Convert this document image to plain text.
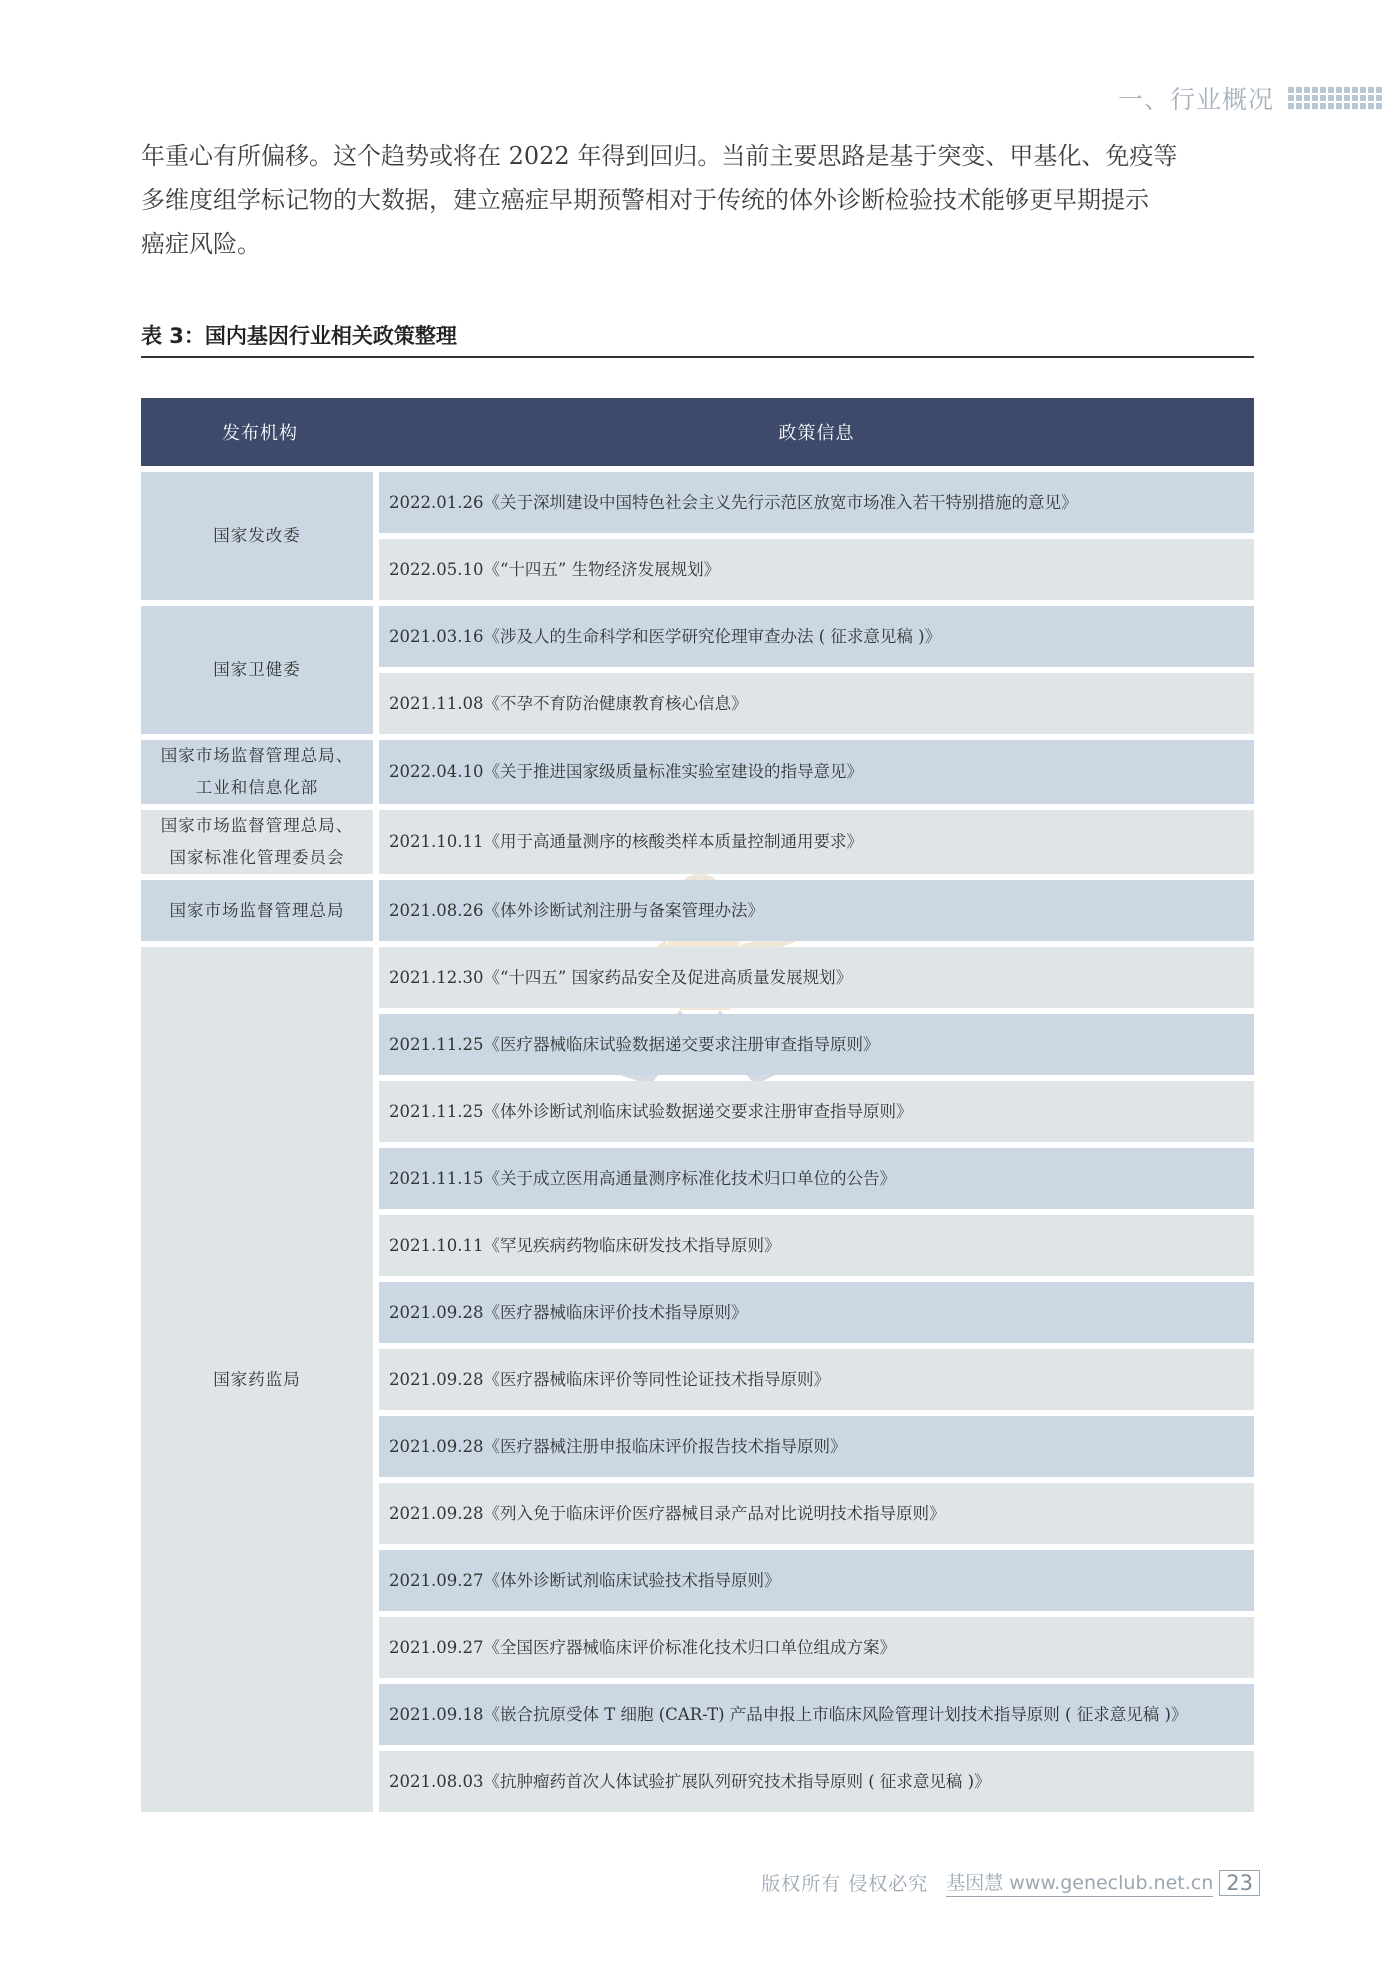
一、行业概况

年重心有所偏移。这个趋势或将在 2022 年得到回归。当前主要思路是基于突变、甲基化、免疫等

多维度组学标记物的大数据，建立癌症早期预警相对于传统的体外诊断检验技术能够更早期提示

癌症风险。

表 3：国内基因行业相关政策整理
发布机构	政策信息
国家发改委	2022.01.26《关于深圳建设中国特色社会主义先行示范区放宽市场准入若干特别措施的意见》
	2022.05.10《“十四五” 生物经济发展规划》
国家卫健委	2021.03.16《涉及人的生命科学和医学研究伦理审查办法 ( 征求意见稿 )》
	2021.11.08《不孕不育防治健康教育核心信息》

国家市场监督管理总局、
工业和信息化部	2022.04.10《关于推进国家级质量标准实验室建设的指导意见》

国家市场监督管理总局、
国家标准化管理委员会	2021.10.11《用于高通量测序的核酸类样本质量控制通用要求》
国家市场监督管理总局	2021.08.26《体外诊断试剂注册与备案管理办法》
国家药监局	2021.12.30《“十四五” 国家药品安全及促进高质量发展规划》
	2021.11.25《医疗器械临床试验数据递交要求注册审查指导原则》
	2021.11.25《体外诊断试剂临床试验数据递交要求注册审查指导原则》
	2021.11.15《关于成立医用高通量测序标准化技术归口单位的公告》
	2021.10.11《罕见疾病药物临床研发技术指导原则》
	2021.09.28《医疗器械临床评价技术指导原则》
	2021.09.28《医疗器械临床评价等同性论证技术指导原则》
	2021.09.28《医疗器械注册申报临床评价报告技术指导原则》
	2021.09.28《列入免于临床评价医疗器械目录产品对比说明技术指导原则》
	2021.09.27《体外诊断试剂临床试验技术指导原则》
	2021.09.27《全国医疗器械临床评价标准化技术归口单位组成方案》
	2021.09.18《嵌合抗原受体 T 细胞 (CAR-T) 产品申报上市临床风险管理计划技术指导原则 ( 征求意见稿 )》
	2021.08.03《抗肿瘤药首次人体试验扩展队列研究技术指导原则 ( 征求意见稿 )》
版权所有 侵权必究 基因慧 www.geneclub.net.cn 23
